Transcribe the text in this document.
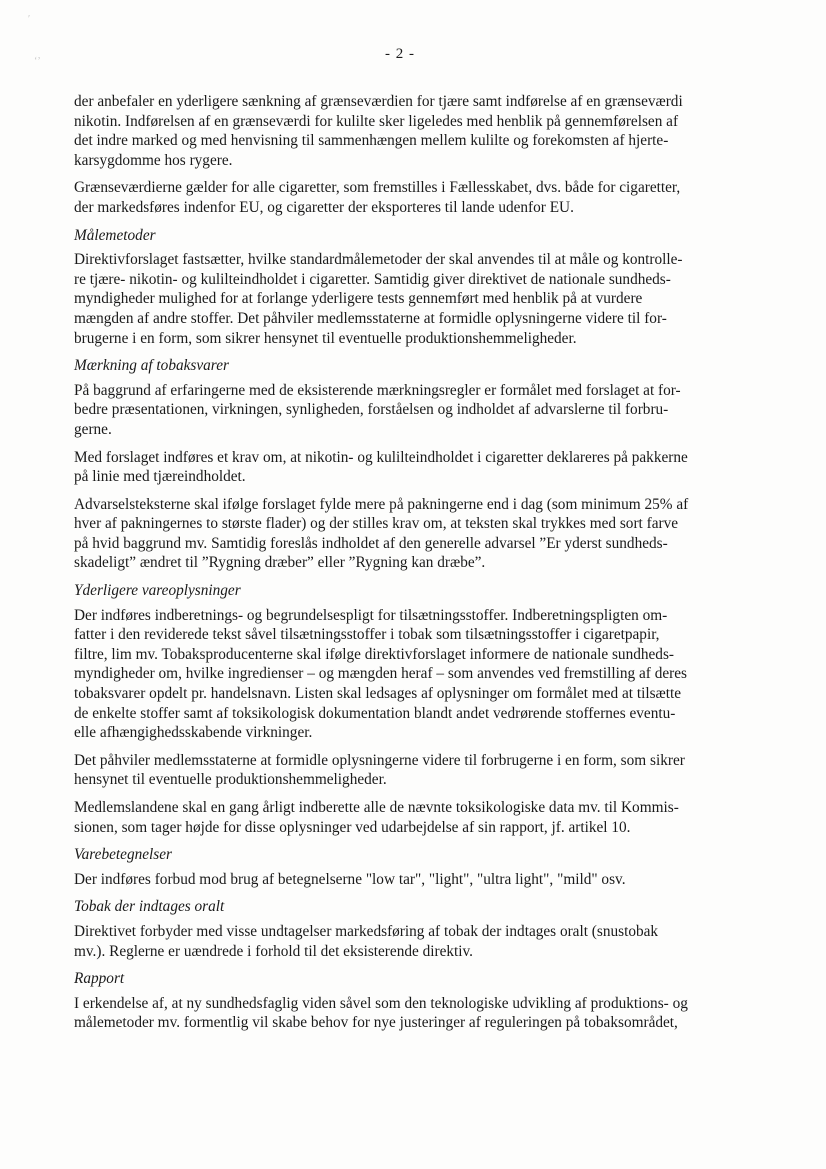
′
‘’	- 2 -
der anbefaler en yderligere sænkning af grænseværdien for tjære samt indførelse af en grænseværdi
nikotin. Indførelsen af en grænseværdi for kulilte sker ligeledes med henblik på gennemførelsen af
det indre marked og med henvisning til sammenhængen mellem kulilte og forekomsten af hjerte-
karsygdomme hos rygere.
Grænseværdierne gælder for alle cigaretter, som fremstilles i Fællesskabet, dvs. både for cigaretter,
der markedsføres indenfor EU, og cigaretter der eksporteres til lande udenfor EU.
Målemetoder
Direktivforslaget fastsætter, hvilke standardmålemetoder der skal anvendes til at måle og kontrolle-
re tjære- nikotin- og kulilteindholdet i cigaretter. Samtidig giver direktivet de nationale sundheds-
myndigheder mulighed for at forlange yderligere tests gennemført med henblik på at vurdere
mængden af andre stoffer. Det påhviler medlemsstaterne at formidle oplysningerne videre til for-
brugerne i en form, som sikrer hensynet til eventuelle produktionshemmeligheder.
Mærkning af tobaksvarer
På baggrund af erfaringerne med de eksisterende mærkningsregler er formålet med forslaget at for-
bedre præsentationen, virkningen, synligheden, forståelsen og indholdet af advarslerne til forbru-
gerne.
Med forslaget indføres et krav om, at nikotin- og kulilteindholdet i cigaretter deklareres på pakkerne
på linie med tjæreindholdet.
Advarselsteksterne skal ifølge forslaget fylde mere på pakningerne end i dag (som minimum 25% af
hver af pakningernes to største flader) og der stilles krav om, at teksten skal trykkes med sort farve
på hvid baggrund mv. Samtidig foreslås indholdet af den generelle advarsel ”Er yderst sundheds-
skadeligt” ændret til ”Rygning dræber” eller ”Rygning kan dræbe”.
Yderligere vareoplysninger
Der indføres indberetnings- og begrundelsespligt for tilsætningsstoffer. Indberetningspligten om-
fatter i den reviderede tekst såvel tilsætningsstoffer i tobak som tilsætningsstoffer i cigaretpapir,
filtre, lim mv. Tobaksproducenterne skal ifølge direktivforslaget informere de nationale sundheds-
myndigheder om, hvilke ingredienser – og mængden heraf – som anvendes ved fremstilling af deres
tobaksvarer opdelt pr. handelsnavn. Listen skal ledsages af oplysninger om formålet med at tilsætte
de enkelte stoffer samt af toksikologisk dokumentation blandt andet vedrørende stoffernes eventu-
elle afhængighedsskabende virkninger.
Det påhviler medlemsstaterne at formidle oplysningerne videre til forbrugerne i en form, som sikrer
hensynet til eventuelle produktionshemmeligheder.
Medlemslandene skal en gang årligt indberette alle de nævnte toksikologiske data mv. til Kommis-
sionen, som tager højde for disse oplysninger ved udarbejdelse af sin rapport, jf. artikel 10.
Varebetegnelser
Der indføres forbud mod brug af betegnelserne "low tar", "light", "ultra light", "mild" osv.
Tobak der indtages oralt
Direktivet forbyder med visse undtagelser markedsføring af tobak der indtages oralt (snustobak
mv.). Reglerne er uændrede i forhold til det eksisterende direktiv.
Rapport
I erkendelse af, at ny sundhedsfaglig viden såvel som den teknologiske udvikling af produktions- og
målemetoder mv. formentlig vil skabe behov for nye justeringer af reguleringen på tobaksområdet,
